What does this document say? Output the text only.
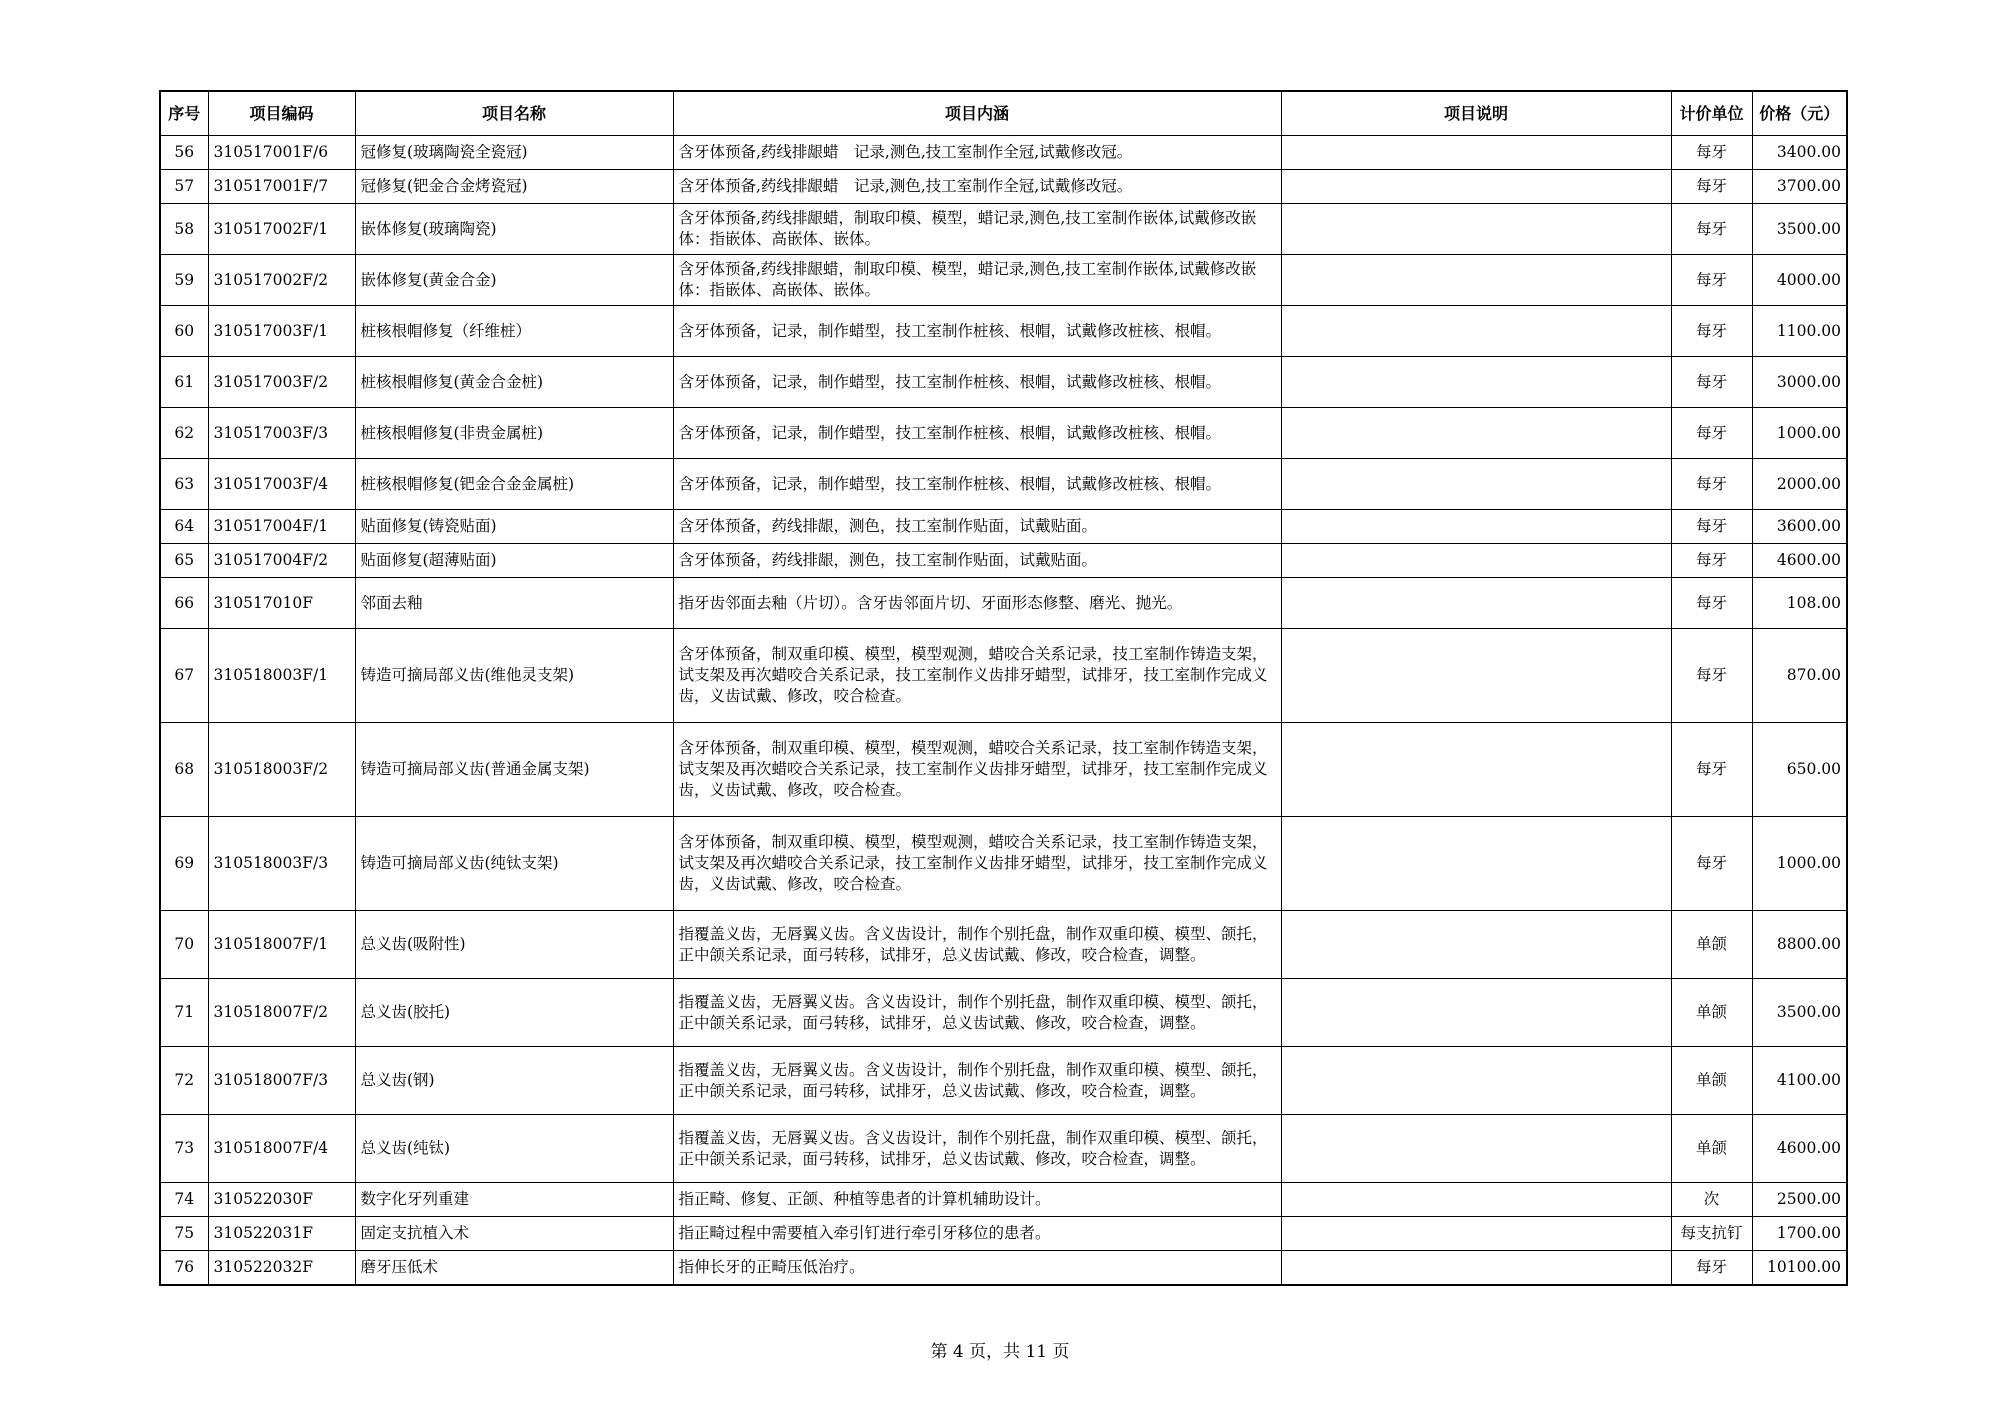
序号	项目编码	项目名称	项目内涵	项目说明	计价单位	价格（元）
56	310517001F/6	冠修复(玻璃陶瓷全瓷冠)	含牙体预备,药线排龈蜡　记录,测色,技工室制作全冠,试戴修改冠。		每牙	3400.00
57	310517001F/7	冠修复(钯金合金烤瓷冠)	含牙体预备,药线排龈蜡　记录,测色,技工室制作全冠,试戴修改冠。		每牙	3700.00
58	310517002F/1	嵌体修复(玻璃陶瓷)	含牙体预备,药线排龈蜡，制取印模、模型，蜡记录,测色,技工室制作嵌体,试戴修改嵌体：指嵌体、高嵌体、嵌体。		每牙	3500.00
59	310517002F/2	嵌体修复(黄金合金)	含牙体预备,药线排龈蜡，制取印模、模型，蜡记录,测色,技工室制作嵌体,试戴修改嵌体：指嵌体、高嵌体、嵌体。		每牙	4000.00
60	310517003F/1	桩核根帽修复（纤维桩）	含牙体预备，记录，制作蜡型，技工室制作桩核、根帽，试戴修改桩核、根帽。		每牙	1100.00
61	310517003F/2	桩核根帽修复(黄金合金桩)	含牙体预备，记录，制作蜡型，技工室制作桩核、根帽，试戴修改桩核、根帽。		每牙	3000.00
62	310517003F/3	桩核根帽修复(非贵金属桩)	含牙体预备，记录，制作蜡型，技工室制作桩核、根帽，试戴修改桩核、根帽。		每牙	1000.00
63	310517003F/4	桩核根帽修复(钯金合金金属桩)	含牙体预备，记录，制作蜡型，技工室制作桩核、根帽，试戴修改桩核、根帽。		每牙	2000.00
64	310517004F/1	贴面修复(铸瓷贴面)	含牙体预备，药线排龈，测色，技工室制作贴面，试戴贴面。		每牙	3600.00
65	310517004F/2	贴面修复(超薄贴面)	含牙体预备，药线排龈，测色，技工室制作贴面，试戴贴面。		每牙	4600.00
66	310517010F	邻面去釉	指牙齿邻面去釉（片切）。含牙齿邻面片切、牙面形态修整、磨光、抛光。		每牙	108.00
67	310518003F/1	铸造可摘局部义齿(维他灵支架)	含牙体预备，制双重印模、模型，模型观测，蜡咬合关系记录，技工室制作铸造支架，试支架及再次蜡咬合关系记录，技工室制作义齿排牙蜡型，试排牙，技工室制作完成义齿，义齿试戴、修改，咬合检查。		每牙	870.00
68	310518003F/2	铸造可摘局部义齿(普通金属支架)	含牙体预备，制双重印模、模型，模型观测，蜡咬合关系记录，技工室制作铸造支架，试支架及再次蜡咬合关系记录，技工室制作义齿排牙蜡型，试排牙，技工室制作完成义齿，义齿试戴、修改，咬合检查。		每牙	650.00
69	310518003F/3	铸造可摘局部义齿(纯钛支架)	含牙体预备，制双重印模、模型，模型观测，蜡咬合关系记录，技工室制作铸造支架，试支架及再次蜡咬合关系记录，技工室制作义齿排牙蜡型，试排牙，技工室制作完成义齿，义齿试戴、修改，咬合检查。		每牙	1000.00
70	310518007F/1	总义齿(吸附性)	指覆盖义齿，无唇翼义齿。含义齿设计，制作个别托盘，制作双重印模、模型、颌托，正中颌关系记录，面弓转移，试排牙，总义齿试戴、修改，咬合检查，调整。		单颌	8800.00
71	310518007F/2	总义齿(胶托)	指覆盖义齿，无唇翼义齿。含义齿设计，制作个别托盘，制作双重印模、模型、颌托，正中颌关系记录，面弓转移，试排牙，总义齿试戴、修改，咬合检查，调整。		单颌	3500.00
72	310518007F/3	总义齿(钢)	指覆盖义齿，无唇翼义齿。含义齿设计，制作个别托盘，制作双重印模、模型、颌托，正中颌关系记录，面弓转移，试排牙，总义齿试戴、修改，咬合检查，调整。		单颌	4100.00
73	310518007F/4	总义齿(纯钛)	指覆盖义齿，无唇翼义齿。含义齿设计，制作个别托盘，制作双重印模、模型、颌托，正中颌关系记录，面弓转移，试排牙，总义齿试戴、修改，咬合检查，调整。		单颌	4600.00
74	310522030F	数字化牙列重建	指正畸、修复、正颌、种植等患者的计算机辅助设计。		次	2500.00
75	310522031F	固定支抗植入术	指正畸过程中需要植入牵引钉进行牵引牙移位的患者。		每支抗钉	1700.00
76	310522032F	磨牙压低术	指伸长牙的正畸压低治疗。		每牙	10100.00
第 4 页，共 11 页
